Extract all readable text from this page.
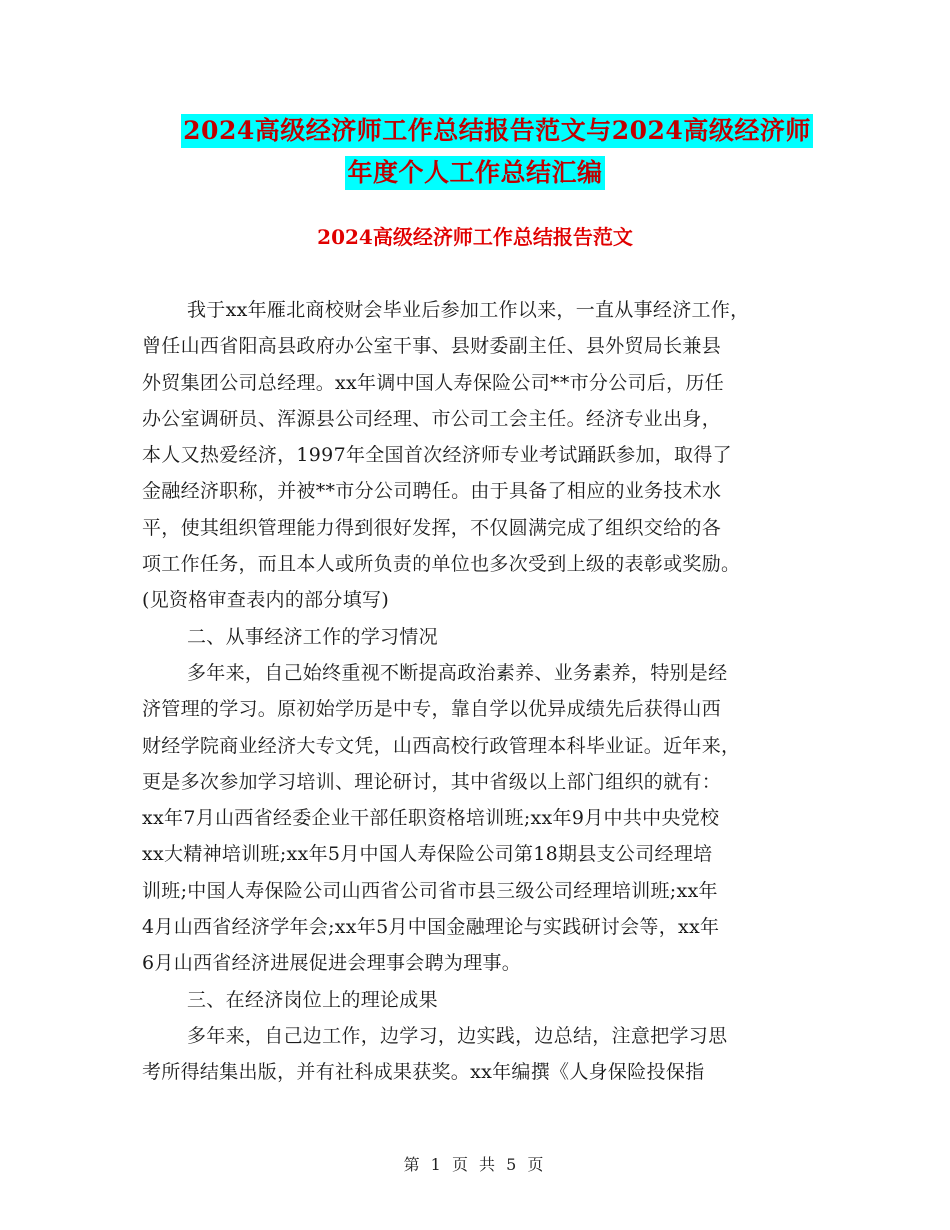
2024高级经济师工作总结报告范文与2024高级经济师
年度个人工作总结汇编
2024高级经济师工作总结报告范文
我于xx年雁北商校财会毕业后参加工作以来，一直从事经济工作，
曾任山西省阳高县政府办公室干事、县财委副主任、县外贸局长兼县
外贸集团公司总经理。xx年调中国人寿保险公司**市分公司后，历任
办公室调研员、浑源县公司经理、市公司工会主任。经济专业出身，
本人又热爱经济，1997年全国首次经济师专业考试踊跃参加，取得了
金融经济职称，并被**市分公司聘任。由于具备了相应的业务技术水
平，使其组织管理能力得到很好发挥，不仅圆满完成了组织交给的各
项工作任务，而且本人或所负责的单位也多次受到上级的表彰或奖励。
(见资格审查表内的部分填写)
二、从事经济工作的学习情况
多年来，自己始终重视不断提高政治素养、业务素养，特别是经
济管理的学习。原初始学历是中专，靠自学以优异成绩先后获得山西
财经学院商业经济大专文凭，山西高校行政管理本科毕业证。近年来，
更是多次参加学习培训、理论研讨，其中省级以上部门组织的就有：
xx年7月山西省经委企业干部任职资格培训班;xx年9月中共中央党校
xx大精神培训班;xx年5月中国人寿保险公司第18期县支公司经理培
训班;中国人寿保险公司山西省公司省市县三级公司经理培训班;xx年
4月山西省经济学年会;xx年5月中国金融理论与实践研讨会等，xx年
6月山西省经济进展促进会理事会聘为理事。
三、在经济岗位上的理论成果
多年来，自己边工作，边学习，边实践，边总结，注意把学习思
考所得结集出版，并有社科成果获奖。xx年编撰《人身保险投保指
第 1 页 共 5 页
